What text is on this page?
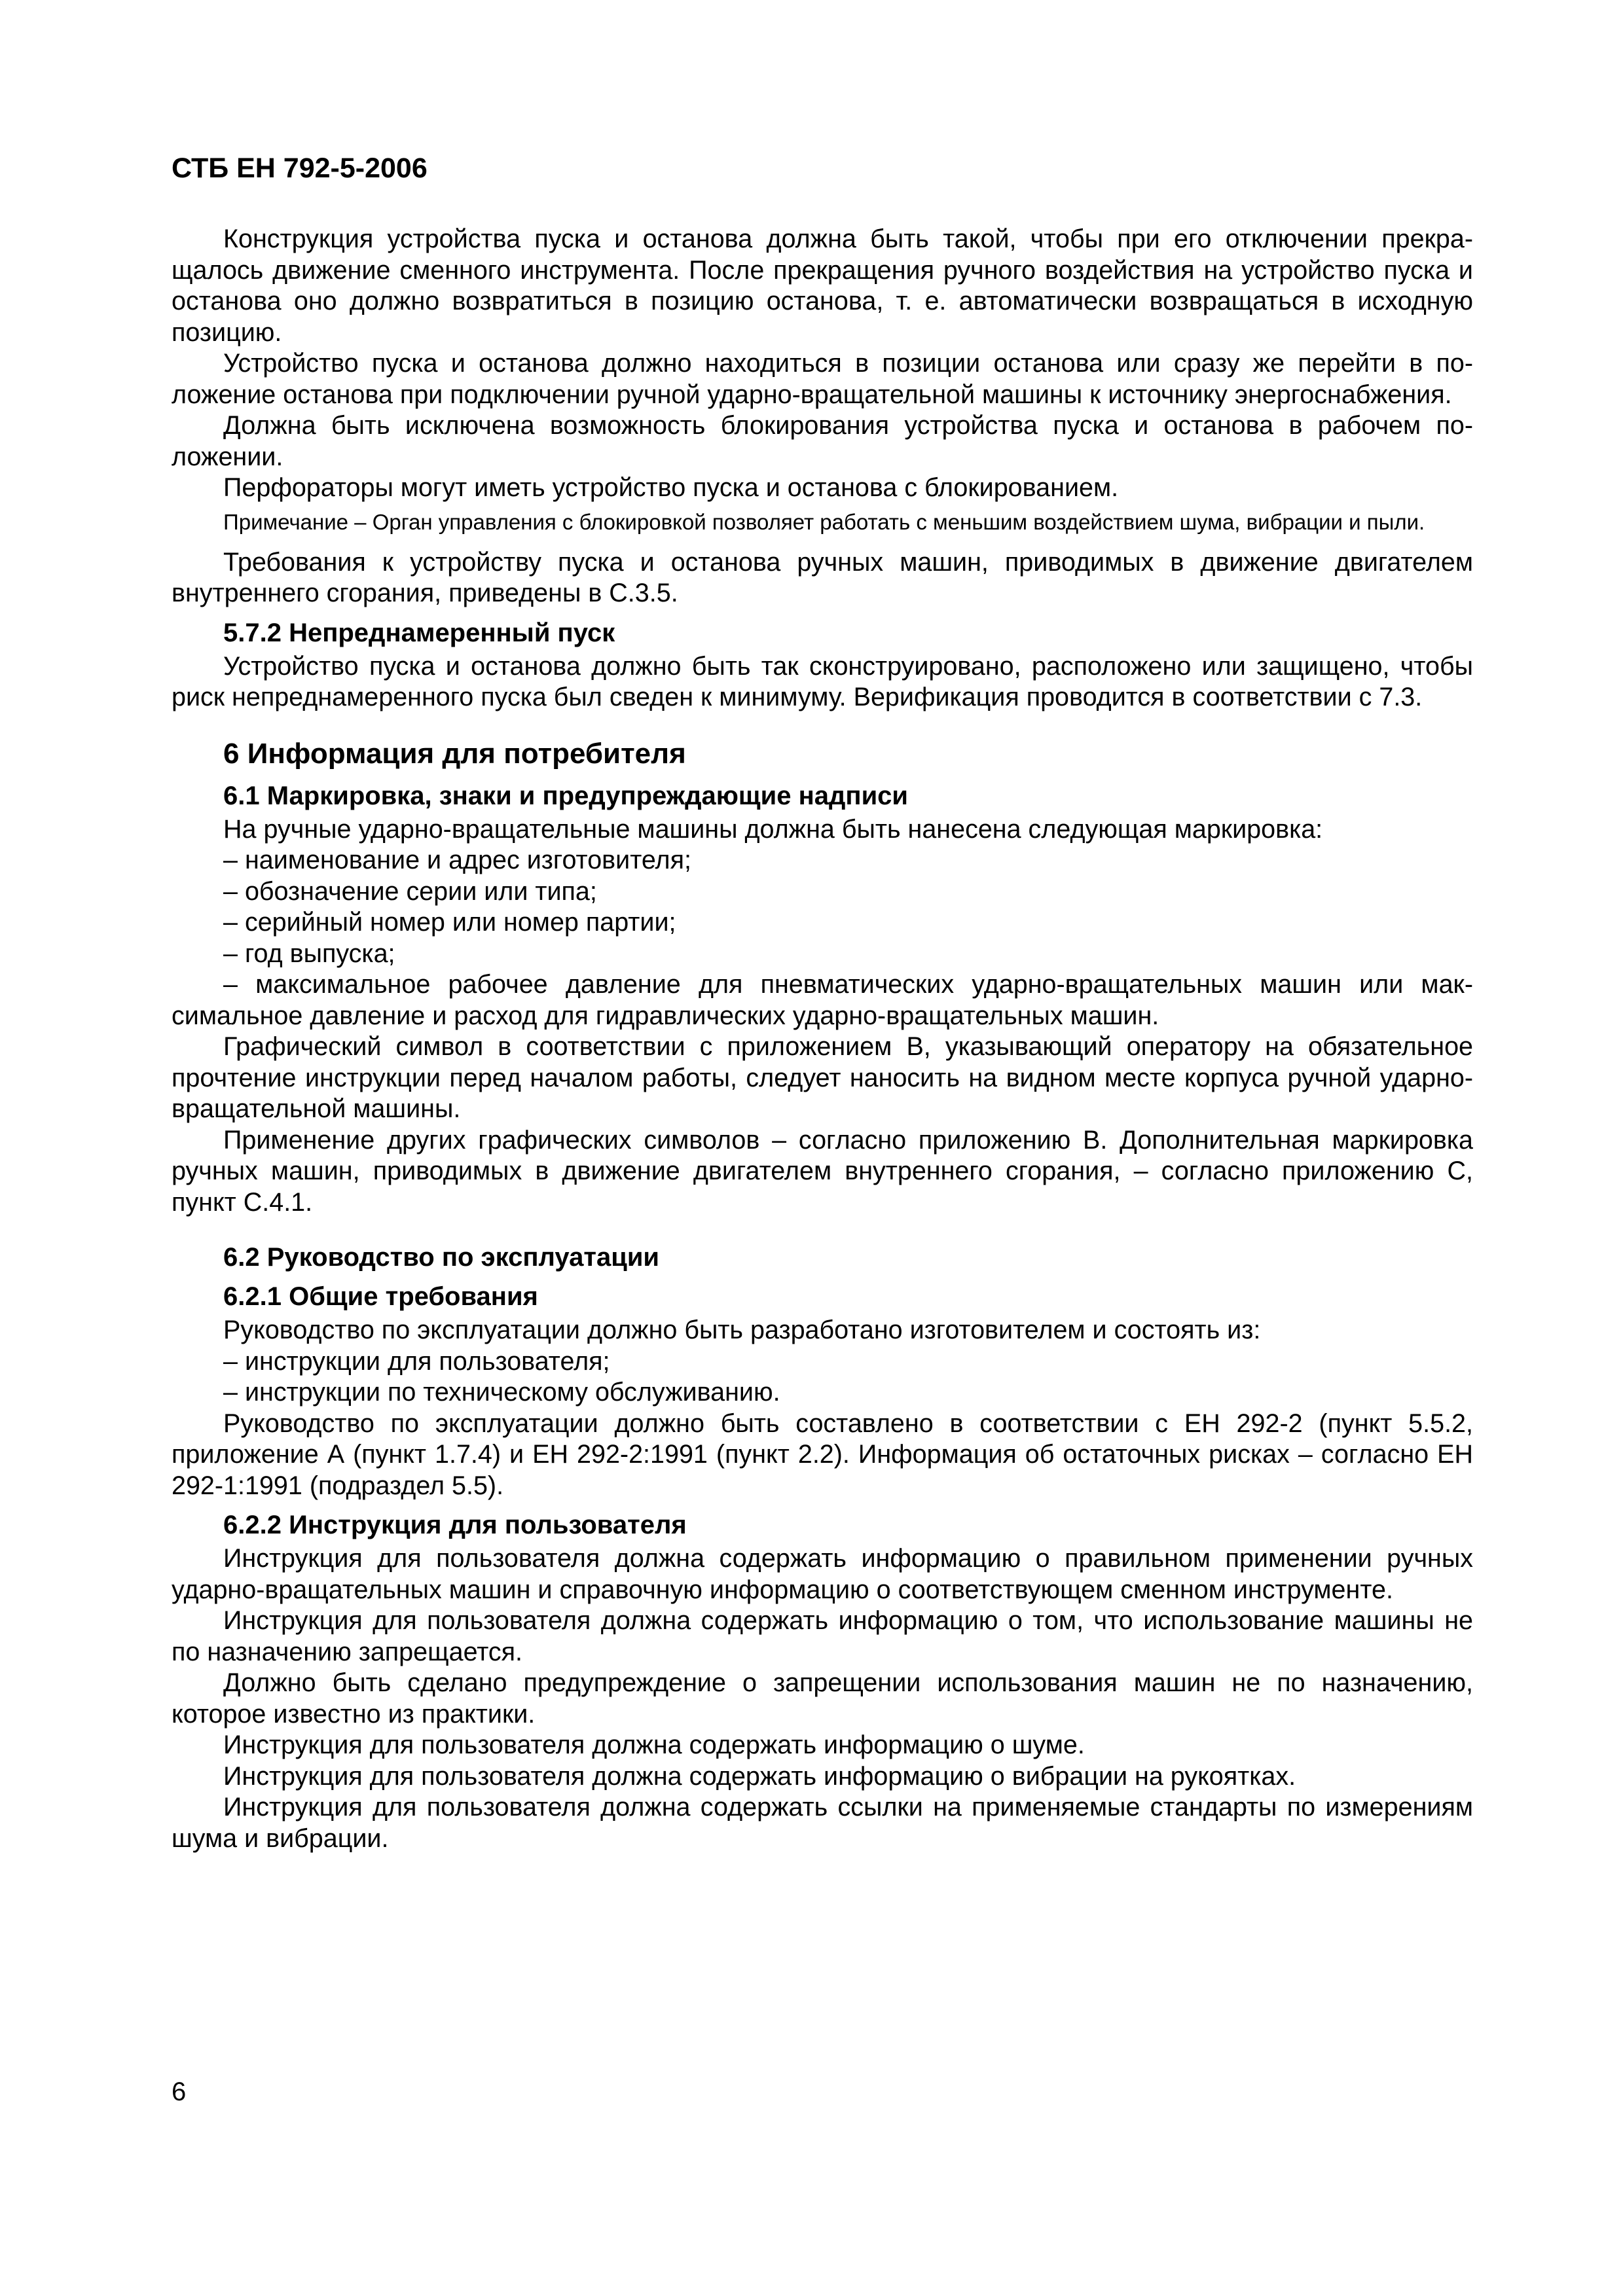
СТБ ЕН 792-5-2006

Конструкция устройства пуска и останова должна быть такой, чтобы при его отключении прекращалось движение сменного инструмента. После прекращения ручного воздействия на устройство пуска и останова оно должно возвратиться в позицию останова, т. е. автоматически возвращаться в исходную позицию.

Устройство пуска и останова должно находиться в позиции останова или сразу же перейти в положение останова при подключении ручной ударно-вращательной машины к источнику энергоснабжения.

Должна быть исключена возможность блокирования устройства пуска и останова в рабочем положении.

Перфораторы могут иметь устройство пуска и останова с блокированием.

Примечание – Орган управления с блокировкой позволяет работать с меньшим воздействием шума, вибрации и пыли.

Требования к устройству пуска и останова ручных машин, приводимых в движение двигателем внутреннего сгорания, приведены в С.3.5.

5.7.2 Непреднамеренный пуск

Устройство пуска и останова должно быть так сконструировано, расположено или защищено, чтобы риск непреднамеренного пуска был сведен к минимуму. Верификация проводится в соответствии с 7.3.

6 Информация для потребителя
6.1 Маркировка, знаки и предупреждающие надписи

На ручные ударно-вращательные машины должна быть нанесена следующая маркировка:

– наименование и адрес изготовителя;

– обозначение серии или типа;

– серийный номер или номер партии;

– год выпуска;

– максимальное рабочее давление для пневматических ударно-вращательных машин или максимальное давление и расход для гидравлических ударно-вращательных машин.

Графический символ в соответствии с приложением В, указывающий оператору на обязательное прочтение инструкции перед началом работы, следует наносить на видном месте корпуса ручной ударно-вращательной машины.

Применение других графических символов – согласно приложению В. Дополнительная маркировка ручных машин, приводимых в движение двигателем внутреннего сгорания, – согласно приложению С, пункт С.4.1.

6.2 Руководство по эксплуатации
6.2.1 Общие требования

Руководство по эксплуатации должно быть разработано изготовителем и состоять из:

– инструкции для пользователя;

– инструкции по техническому обслуживанию.

Руководство по эксплуатации должно быть составлено в соответствии с ЕН 292-2 (пункт 5.5.2, приложение А (пункт 1.7.4) и ЕН 292-2:1991 (пункт 2.2). Информация об остаточных рисках – согласно ЕН 292-1:1991 (подраздел 5.5).

6.2.2 Инструкция для пользователя

Инструкция для пользователя должна содержать информацию о правильном применении ручных ударно-вращательных машин и справочную информацию о соответствующем сменном инструменте.

Инструкция для пользователя должна содержать информацию о том, что использование машины не по назначению запрещается.

Должно быть сделано предупреждение о запрещении использования машин не по назначению, которое известно из практики.

Инструкция для пользователя должна содержать информацию о шуме.

Инструкция для пользователя должна содержать информацию о вибрации на рукоятках.

Инструкция для пользователя должна содержать ссылки на применяемые стандарты по измерениям шума и вибрации.

6
